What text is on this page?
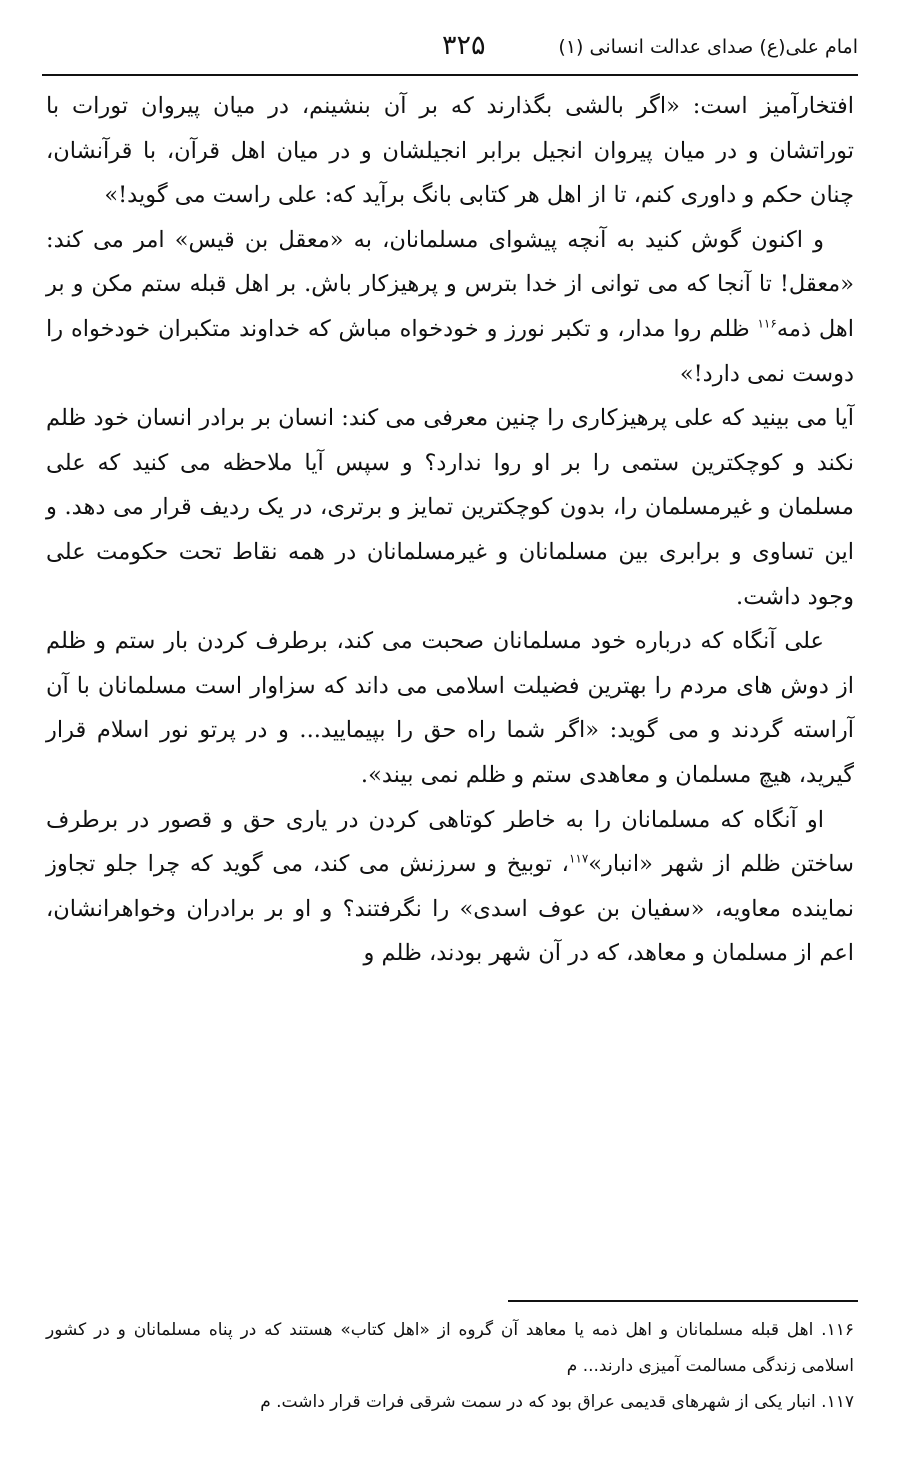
امام علی(ع) صدای عدالت انسانی (۱)
۳۲۵

افتخارآمیز است: «اگر بالشی بگذارند که بر آن بنشینم، در میان پیروان تورات با توراتشان و در میان پیروان انجیل برابر انجیلشان و در میان اهل قرآن، با قرآنشان، چنان حکم و داوری کنم، تا از اهل هر کتابی بانگ برآید که: علی راست می گوید!»

و اکنون گوش کنید به آنچه پیشوای مسلمانان، به «معقل بن قیس» امر می کند: «معقل! تا آنجا که می توانی از خدا بترس و پرهیزکار باش. بر اهل قبله ستم مکن و بر اهل ذمه$^{۱۱۶}$ ظلم روا مدار، و تکبر نورز و خودخواه مباش که خداوند متکبران خودخواه را دوست نمی دارد!»

آیا می بینید که علی پرهیزکاری را چنین معرفی می کند: انسان بر برادر انسان خود ظلم نکند و کوچکترین ستمی را بر او روا ندارد؟ و سپس آیا ملاحظه می کنید که علی مسلمان و غیرمسلمان را، بدون کوچکترین تمایز و برتری، در یک ردیف قرار می دهد. و این تساوی و برابری بین مسلمانان و غیرمسلمانان در همه نقاط تحت حکومت علی وجود داشت.

علی آنگاه که درباره خود مسلمانان صحبت می کند، برطرف کردن بار ستم و ظلم از دوش های مردم را بهترین فضیلت اسلامی می داند که سزاوار است مسلمانان با آن آراسته گردند و می گوید: «اگر شما راه حق را بپیمایید... و در پرتو نور اسلام قرار گیرید، هیچ مسلمان و معاهدی ستم و ظلم نمی بیند».

او آنگاه که مسلمانان را به خاطر کوتاهی کردن در یاری حق و قصور در برطرف ساختن ظلم از شهر «انبار»$^{۱۱۷}$، توبیخ و سرزنش می کند، می گوید که چرا جلو تجاوز نماینده معاویه، «سفیان بن عوف اسدی» را نگرفتند؟ و او بر برادران وخواهرانشان، اعم از مسلمان و معاهد، که در آن شهر بودند، ظلم و

۱۱۶. اهل قبله مسلمانان و اهل ذمه یا معاهد آن گروه از «اهل کتاب» هستند که در پناه مسلمانان و در کشور اسلامی زندگی مسالمت آمیزی دارند... م

۱۱۷. انبار یکی از شهرهای قدیمی عراق بود که در سمت شرقی فرات قرار داشت. م
